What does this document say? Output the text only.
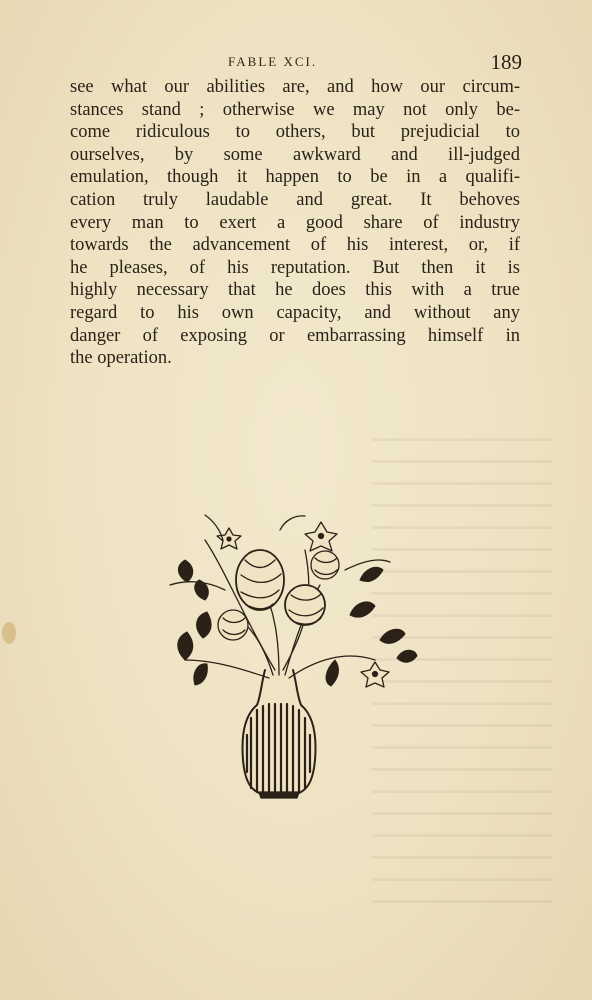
FABLE XCI.	189
see what our abilities are, and how our circum-
stances stand ; otherwise we may not only be-
come ridiculous to others, but prejudicial to
ourselves, by some awkward and ill-judged
emulation, though it happen to be in a qualifi-
cation truly laudable and great. It behoves
every man to exert a good share of industry
towards the advancement of his interest, or, if
he pleases, of his reputation. But then it is
highly necessary that he does this with a true
regard to his own capacity, and without any
danger of exposing or embarrassing himself in
the operation.
